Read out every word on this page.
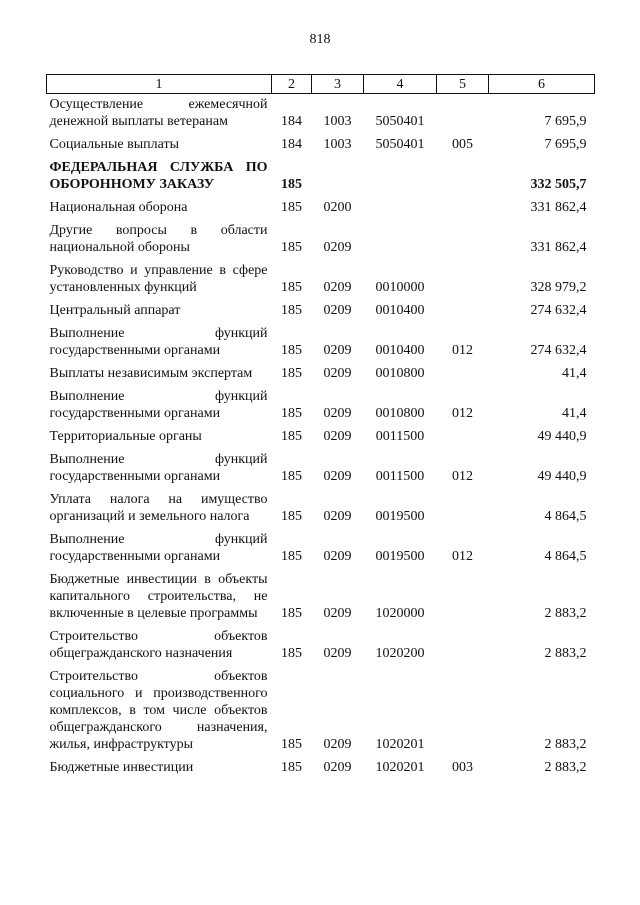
818
1	2	3	4	5	6
Осуществление ежемесячной денежной выплаты ветеранам	184	1003	5050401		7 695,9
Социальные выплаты	184	1003	5050401	005	7 695,9
ФЕДЕРАЛЬНАЯ СЛУЖБА ПО ОБОРОННОМУ ЗАКАЗУ	185				332 505,7
Национальная оборона	185	0200			331 862,4
Другие вопросы в области национальной обороны	185	0209			331 862,4
Руководство и управление в сфере установленных функций	185	0209	0010000		328 979,2
Центральный аппарат	185	0209	0010400		274 632,4
Выполнение функций государственными органами	185	0209	0010400	012	274 632,4
Выплаты независимым экспертам	185	0209	0010800		41,4
Выполнение функций государственными органами	185	0209	0010800	012	41,4
Территориальные органы	185	0209	0011500		49 440,9
Выполнение функций государственными органами	185	0209	0011500	012	49 440,9
Уплата налога на имущество организаций и земельного налога	185	0209	0019500		4 864,5
Выполнение функций государственными органами	185	0209	0019500	012	4 864,5
Бюджетные инвестиции в объекты капитального строительства, не включенные в целевые программы	185	0209	1020000		2 883,2
Строительство объектов общегражданского назначения	185	0209	1020200		2 883,2
Строительство объектов социального и производственного комплексов, в том числе объектов общегражданского назначения, жилья, инфраструктуры	185	0209	1020201		2 883,2
Бюджетные инвестиции	185	0209	1020201	003	2 883,2
